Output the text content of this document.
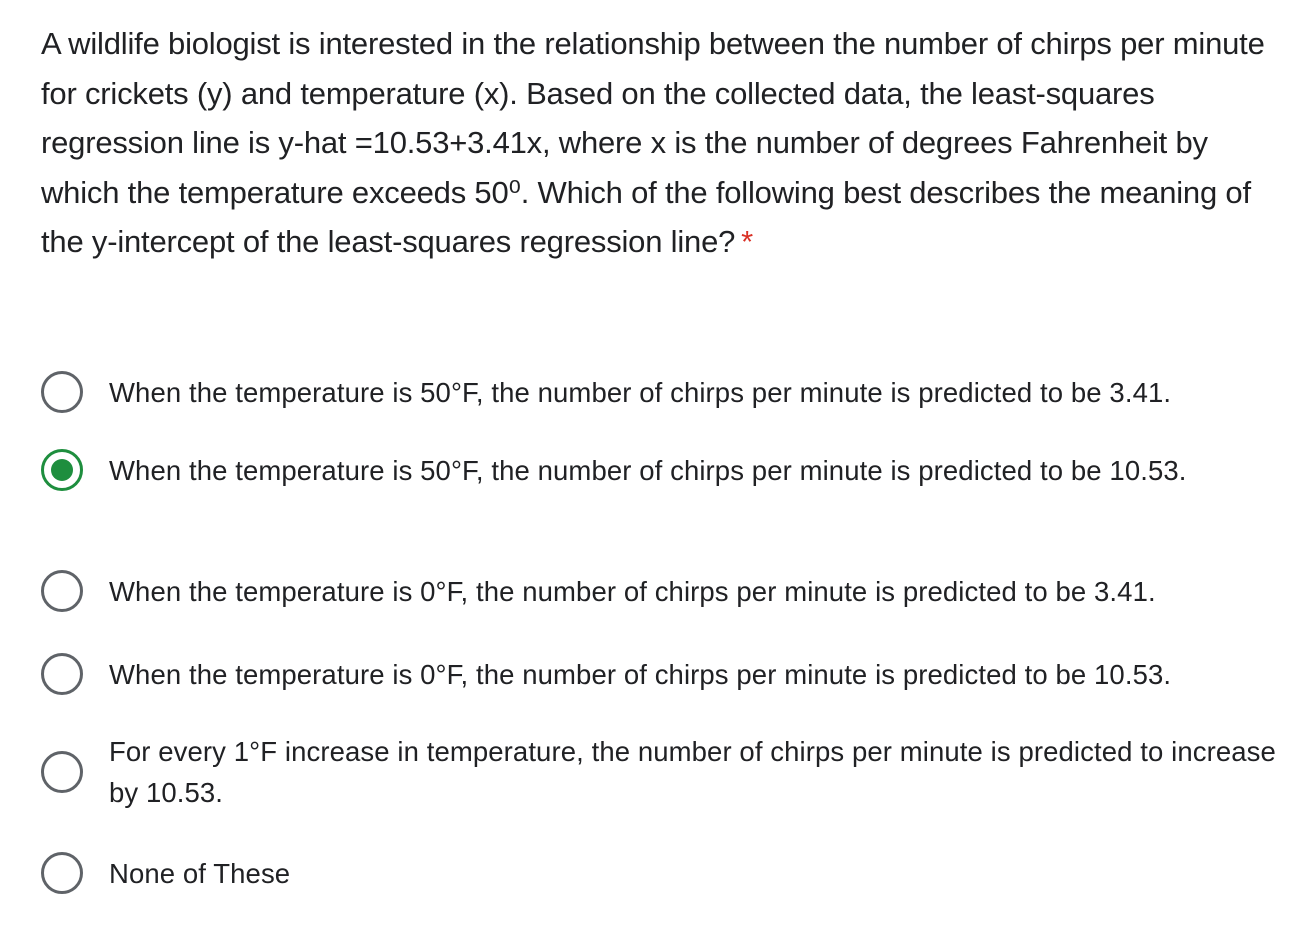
A wildlife biologist is interested in the relationship between the number of chirps per minute for crickets (y) and temperature (x). Based on the collected data, the least-squares regression line is y-hat =10.53+3.41x, where x is the number of degrees Fahrenheit by which the temperature exceeds 50⁰. Which of the following best describes the meaning of the y-intercept of the least-squares regression line? *

When the temperature is 50°F, the number of chirps per minute is predicted to be 3.41.
When the temperature is 50°F, the number of chirps per minute is predicted to be 10.53.
When the temperature is 0°F, the number of chirps per minute is predicted to be 3.41.
When the temperature is 0°F, the number of chirps per minute is predicted to be 10.53.
For every 1°F increase in temperature, the number of chirps per minute is predicted to increase by 10.53.
None of These
